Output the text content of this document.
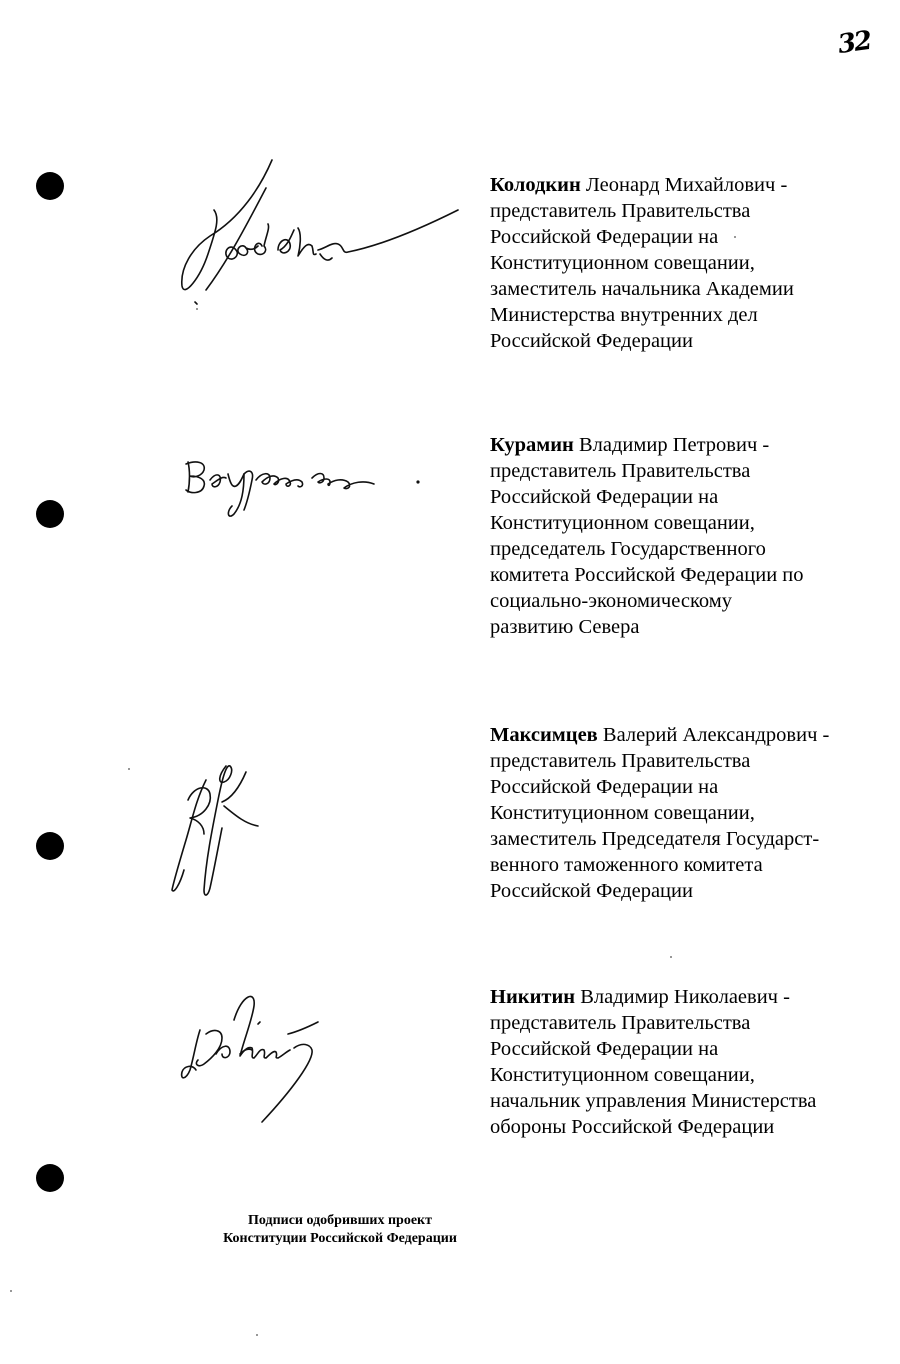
32
Колодкин Леонард Михайлович -
представитель Правительства
Российской Федерации на
Конституционном совещании,
заместитель начальника Академии
Министерства внутренних дел
Российской Федерации
Курамин Владимир Петрович -
представитель Правительства
Российской Федерации на
Конституционном совещании,
председатель Государственного
комитета Российской Федерации по
социально-экономическому
развитию Севера
Максимцев Валерий Александрович -
представитель Правительства
Российской Федерации на
Конституционном совещании,
заместитель Председателя Государст-
венного таможенного комитета
Российской Федерации
Никитин Владимир Николаевич -
представитель Правительства
Российской Федерации на
Конституционном совещании,
начальник управления Министерства
обороны Российской Федерации
Подписи одобривших проект
Конституции Российской Федерации
